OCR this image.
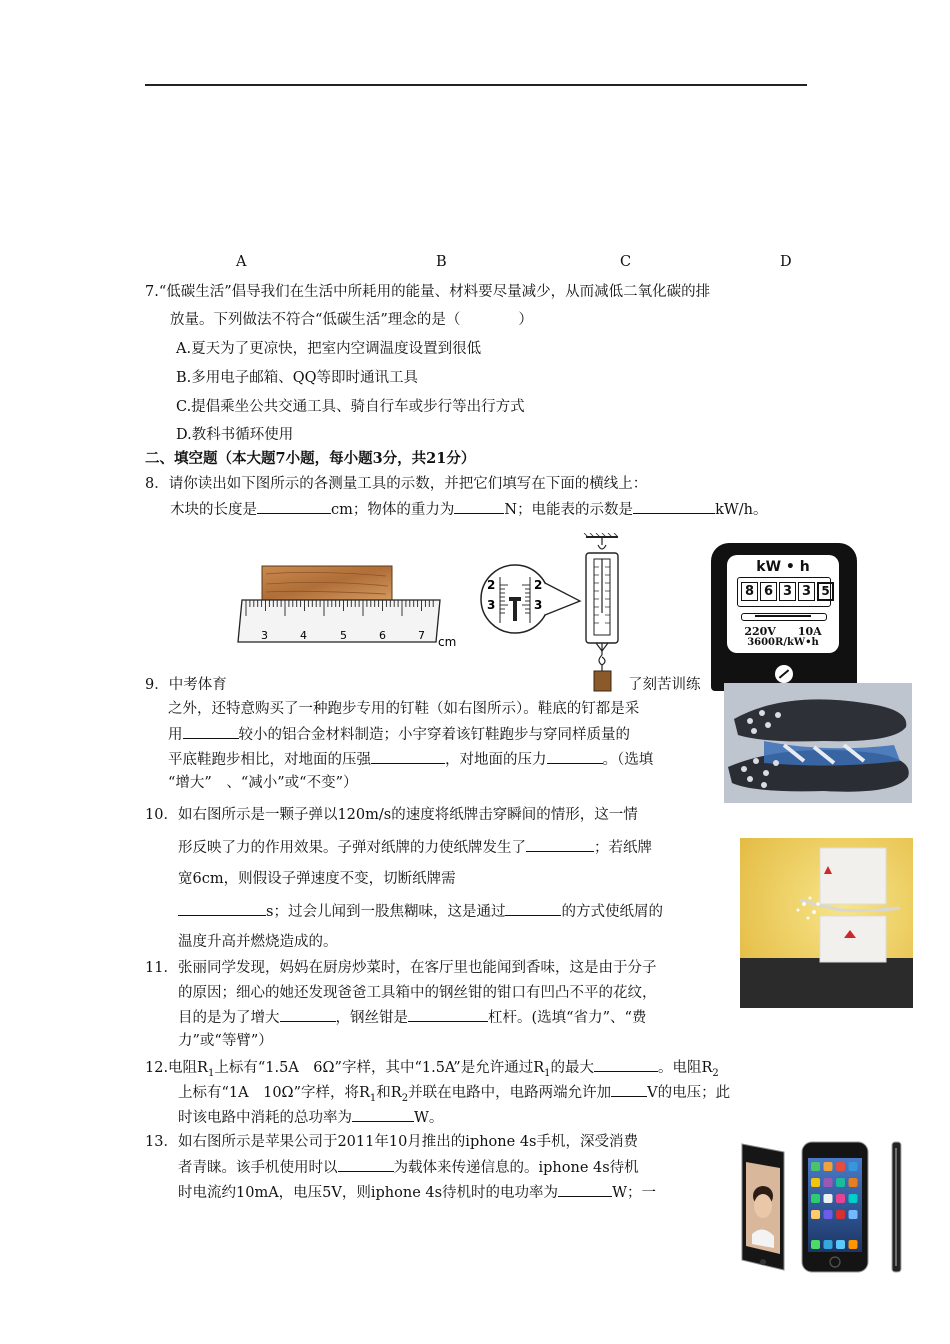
A	B	C	D
7.“低碳生活”倡导我们在生活中所耗用的能量、材料要尽量减少，从而减低二氧化碳的排
放量。下列做法不符合“低碳生活”理念的是（　　　　）
A.夏天为了更凉快，把室内空调温度设置到很低
B.多用电子邮箱、QQ等即时通讯工具
C.提倡乘坐公共交通工具、骑自行车或步行等出行方式
D.教科书循环使用
二、填空题（本大题7小题，每小题3分，共21分）
8．请你读出如下图所示的各测量工具的示数，并把它们填写在下面的横线上：
木块的长度是	cm；物体的重力为	N；电能表的示数是	kW/h。
3	4	5	6	7 cm
2	2
3	3
kW • h
8 6 3 3 5
220V　　10A
3600R/kW•h
9．中考体育	了刻苦训练
之外，还特意购买了一种跑步专用的钉鞋（如右图所示）。鞋底的钉都是采
用	较小的铝合金材料制造；小宇穿着该钉鞋跑步与穿同样质量的
平底鞋跑步相比，对地面的压强	，对地面的压力	。（选填
“增大”　、“减小”或“不变”）
10．如右图所示是一颗子弹以120m/s的速度将纸牌击穿瞬间的情形，这一情
形反映了力的作用效果。子弹对纸牌的力使纸牌发生了	；若纸牌
宽6cm，则假设子弹速度不变，切断纸牌需
s；过会儿闻到一股焦糊味，这是通过	的方式使纸屑的
温度升高并燃烧造成的。
11．张丽同学发现，妈妈在厨房炒菜时，在客厅里也能闻到香味，这是由于分子
的原因；细心的她还发现爸爸工具箱中的钢丝钳的钳口有凹凸不平的花纹，
目的是为了增大	，钢丝钳是	杠杆。(选填“省力”、“费
力”或“等臂”）
12.电阻$R_1$上标有“1.5A　6Ω”字样，其中“1.5A”是允许通过$R_1$的最大	。电阻$R_2$
上标有“1A　10Ω”字样，将$R_1$和$R_2$并联在电路中，电路两端允许加 V的电压；此
时该电路中消耗的总功率为	W。
13．如右图所示是苹果公司于2011年10月推出的iphone 4s手机，深受消费
者青睐。该手机使用时以	为载体来传递信息的。iphone 4s待机
时电流约10mA，电压5V，则iphone 4s待机时的电功率为	W；一
